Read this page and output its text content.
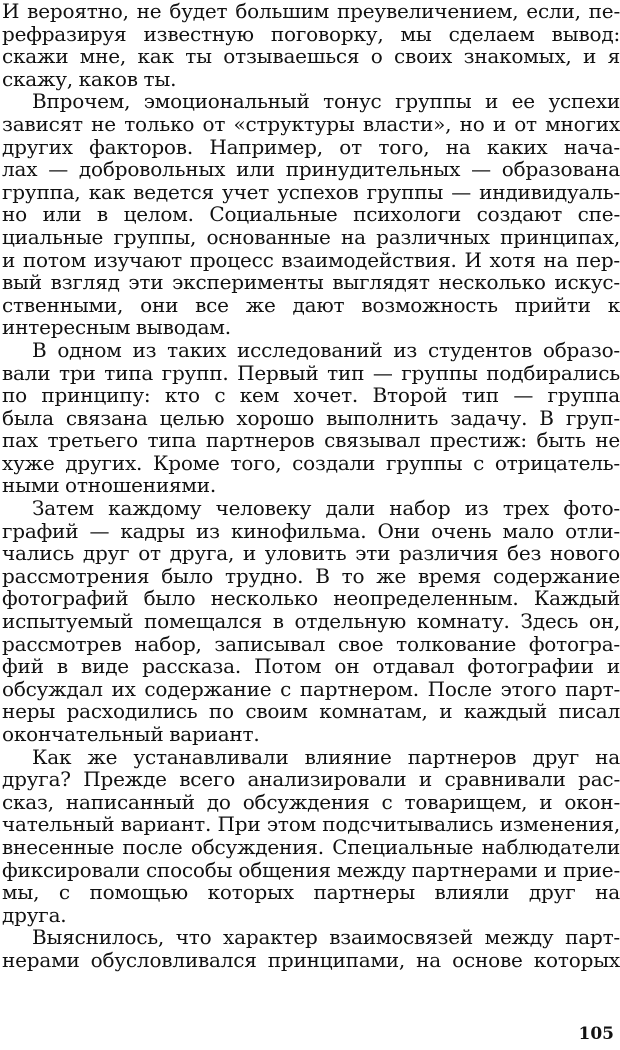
И вероятно, не будет большим преувеличением, если, пе-
рефразируя известную поговорку, мы сделаем вывод:
скажи мне, как ты отзываешься о своих знакомых, и я
скажу, каков ты.
Впрочем, эмоциональный тонус группы и ее успехи
зависят не только от «структуры власти», но и от многих
других факторов. Например, от того, на каких нача-
лах — добровольных или принудительных — образована
группа, как ведется учет успехов группы — индивидуаль-
но или в целом. Социальные психологи создают спе-
циальные группы, основанные на различных принципах,
и потом изучают процесс взаимодействия. И хотя на пер-
вый взгляд эти эксперименты выглядят несколько искус-
ственными, они все же дают возможность прийти к
интересным выводам.
В одном из таких исследований из студентов образо-
вали три типа групп. Первый тип — группы подбирались
по принципу: кто с кем хочет. Второй тип — группа
была связана целью хорошо выполнить задачу. В груп-
пах третьего типа партнеров связывал престиж: быть не
хуже других. Кроме того, создали группы с отрицатель-
ными отношениями.
Затем каждому человеку дали набор из трех фото-
графий — кадры из кинофильма. Они очень мало отли-
чались друг от друга, и уловить эти различия без нового
рассмотрения было трудно. В то же время содержание
фотографий было несколько неопределенным. Каждый
испытуемый помещался в отдельную комнату. Здесь он,
рассмотрев набор, записывал свое толкование фотогра-
фий в виде рассказа. Потом он отдавал фотографии и
обсуждал их содержание с партнером. После этого парт-
неры расходились по своим комнатам, и каждый писал
окончательный вариант.
Как же устанавливали влияние партнеров друг на
друга? Прежде всего анализировали и сравнивали рас-
сказ, написанный до обсуждения с товарищем, и окон-
чательный вариант. При этом подсчитывались изменения,
внесенные после обсуждения. Специальные наблюдатели
фиксировали способы общения между партнерами и прие-
мы, с помощью которых партнеры влияли друг на
друга.
Выяснилось, что характер взаимосвязей между парт-
нерами обусловливался принципами, на основе которых
105
